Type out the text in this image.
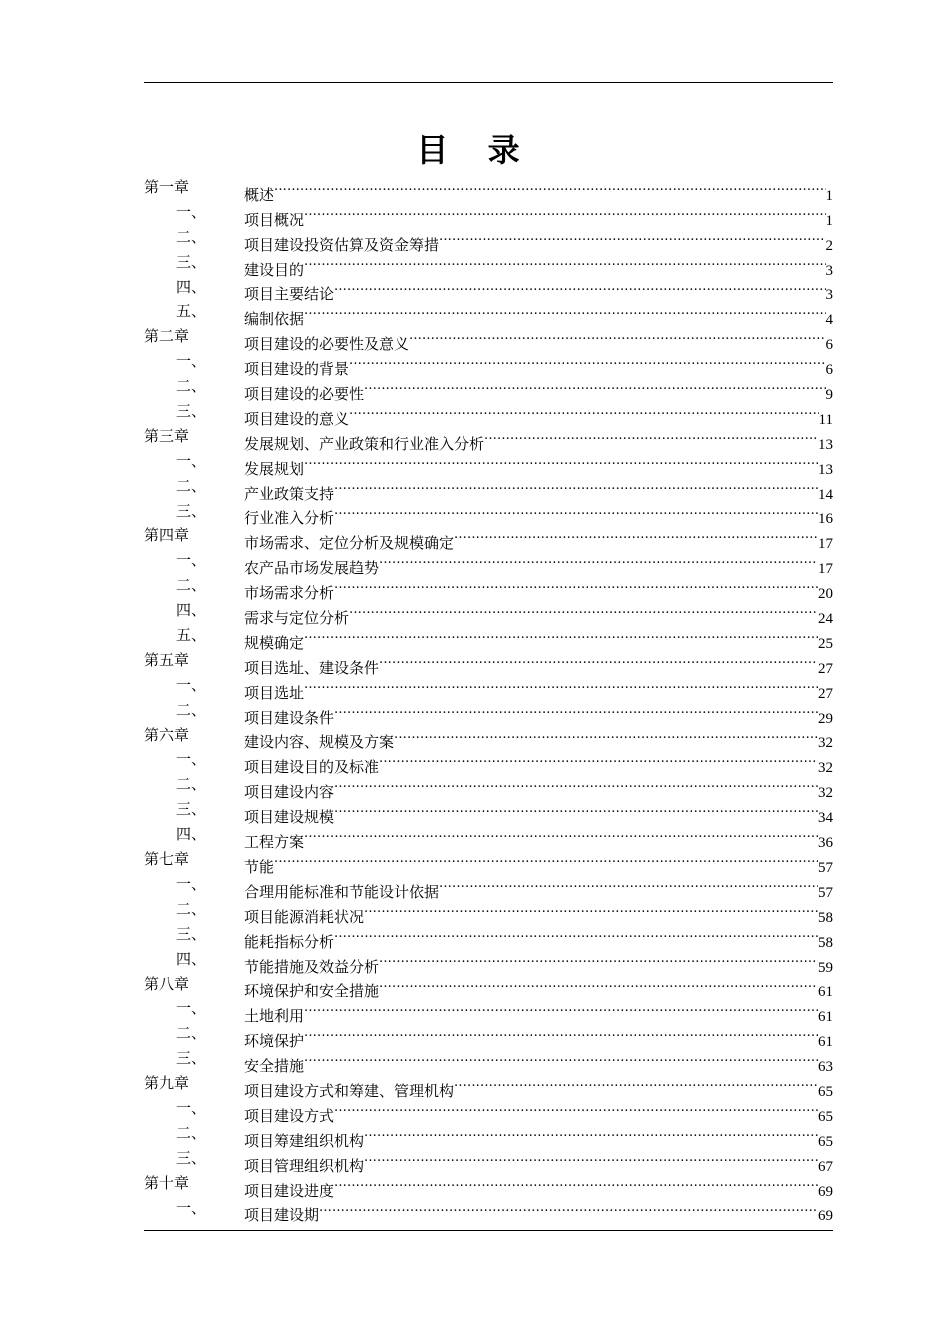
目 录
第一章	概述 .....	1
一、	项目概况 .....	1
二、	项目建设投资估算及资金筹措 .....	2
三、	建设目的 .....	3
四、	项目主要结论 .....	3
五、	编制依据 .....	4
第二章	项目建设的必要性及意义 .....	6
一、	项目建设的背景 .....	6
二、	项目建设的必要性 .....	9
三、	项目建设的意义 .....	11
第三章	发展规划、产业政策和行业准入分析 .....	13
一、	发展规划 .....	13
二、	产业政策支持 .....	14
三、	行业准入分析 .....	16
第四章	市场需求、定位分析及规模确定 .....	17
一、	农产品市场发展趋势 .....	17
二、	市场需求分析 .....	20
四、	需求与定位分析 .....	24
五、	规模确定 .....	25
第五章	项目选址、建设条件 .....	27
一、	项目选址 .....	27
二、	项目建设条件 .....	29
第六章	建设内容、规模及方案 .....	32
一、	项目建设目的及标准 .....	32
二、	项目建设内容 .....	32
三、	项目建设规模 .....	34
四、	工程方案 .....	36
第七章	节能 .....	57
一、	合理用能标准和节能设计依据 .....	57
二、	项目能源消耗状况 .....	58
三、	能耗指标分析 .....	58
四、	节能措施及效益分析 .....	59
第八章	环境保护和安全措施 .....	61
一、	土地利用 .....	61
二、	环境保护 .....	61
三、	安全措施 .....	63
第九章	项目建设方式和筹建、管理机构 .....	65
一、	项目建设方式 .....	65
二、	项目筹建组织机构 .....	65
三、	项目管理组织机构 .....	67
第十章	项目建设进度 .....	69
一、	项目建设期 .....	69
